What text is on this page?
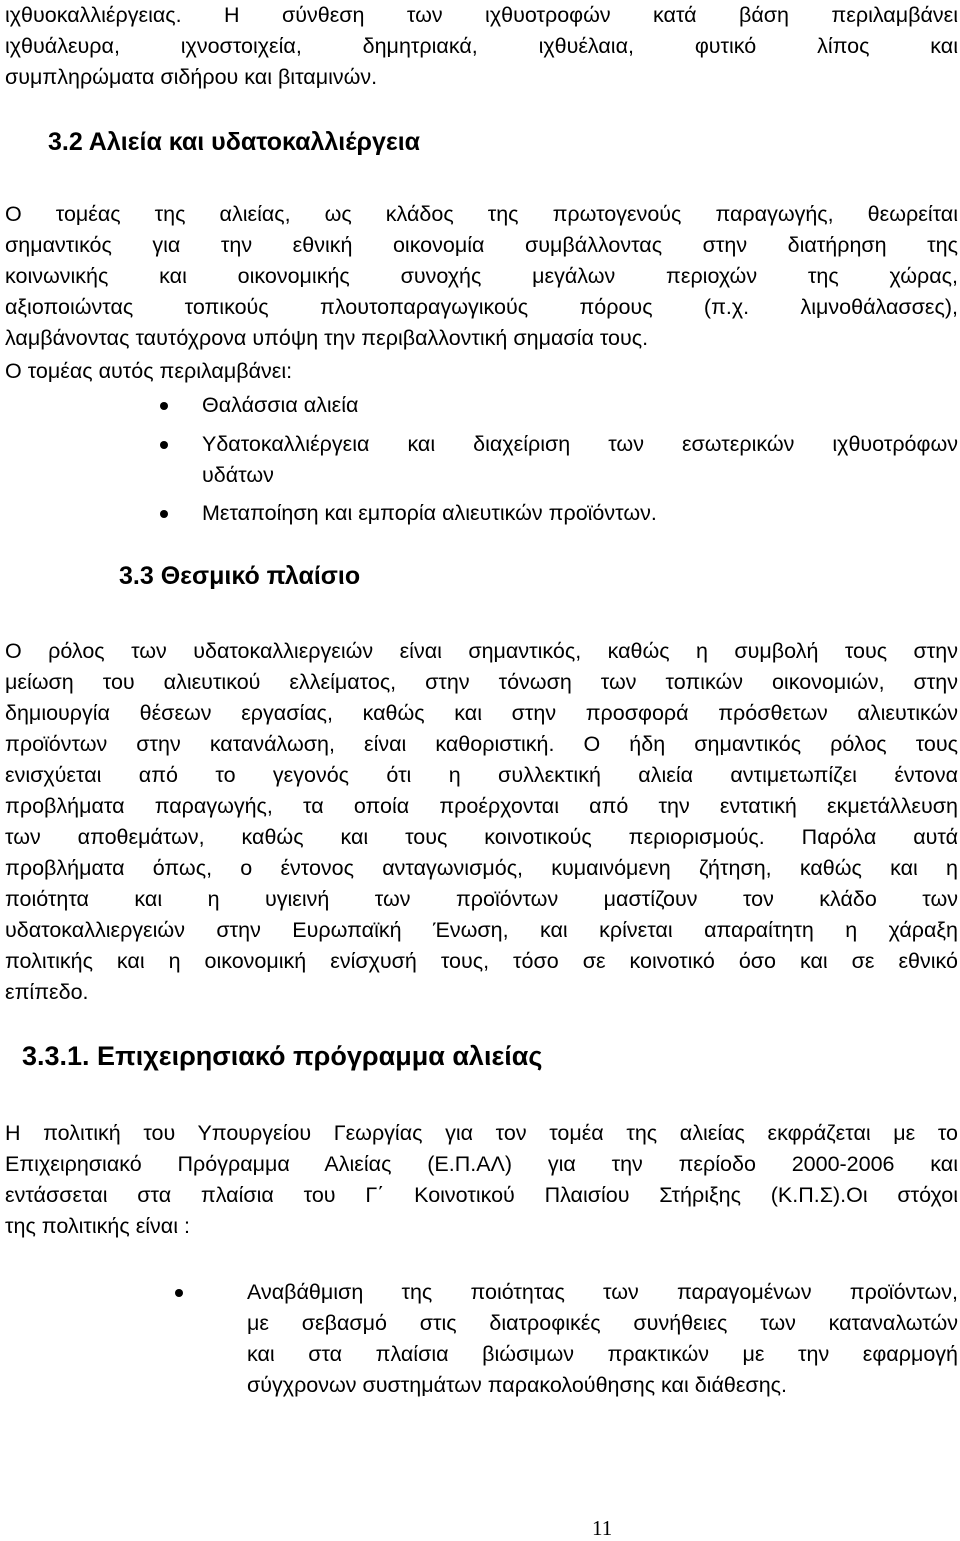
ιχθυοκαλλιέργειας. Η σύνθεση των ιχθυοτροφών κατά βάση περιλαμβάνει
ιχθυάλευρα, ιχνοστοιχεία, δημητριακά, ιχθυέλαια, φυτικό λίπος και
συμπληρώματα σιδήρου και βιταμινών.
3.2 Αλιεία και υδατοκαλλιέργεια
Ο τομέας της αλιείας, ως κλάδος της πρωτογενούς παραγωγής, θεωρείται
σημαντικός για την εθνική οικονομία συμβάλλοντας στην διατήρηση της
κοινωνικής και οικονομικής συνοχής μεγάλων περιοχών της χώρας,
αξιοποιώντας τοπικούς πλουτοπαραγωγικούς πόρους (π.χ. λιμνοθάλασσες),
λαμβάνοντας ταυτόχρονα υπόψη την περιβαλλοντική σημασία τους.
Ο τομέας αυτός περιλαμβάνει:
Θαλάσσια αλιεία
Υδατοκαλλιέργεια και διαχείριση των εσωτερικών ιχθυοτρόφων
υδάτων
Μεταποίηση και εμπορία αλιευτικών προϊόντων.
3.3 Θεσμικό πλαίσιο
Ο ρόλος των υδατοκαλλιεργειών είναι σημαντικός, καθώς η συμβολή τους στην
μείωση του αλιευτικού ελλείματος, στην τόνωση των τοπικών οικονομιών, στην
δημιουργία θέσεων εργασίας, καθώς και στην προσφορά πρόσθετων αλιευτικών
προϊόντων στην κατανάλωση, είναι καθοριστική. Ο ήδη σημαντικός ρόλος τους
ενισχύεται από το γεγονός ότι η συλλεκτική αλιεία αντιμετωπίζει έντονα
προβλήματα παραγωγής, τα οποία προέρχονται από την εντατική εκμετάλλευση
των αποθεμάτων, καθώς και τους κοινοτικούς περιορισμούς. Παρόλα αυτά
προβλήματα όπως, ο έντονος ανταγωνισμός, κυμαινόμενη ζήτηση, καθώς και η
ποιότητα και η υγιεινή των προϊόντων μαστίζουν τον κλάδο των
υδατοκαλλιεργειών στην Ευρωπαϊκή Ένωση, και κρίνεται απαραίτητη η χάραξη
πολιτικής και η οικονομική ενίσχυσή τους, τόσο σε κοινοτικό όσο και σε εθνικό
επίπεδο.
3.3.1. Επιχειρησιακό πρόγραμμα αλιείας
Η πολιτική του Υπουργείου Γεωργίας για τον τομέα της αλιείας εκφράζεται με το
Επιχειρησιακό Πρόγραμμα Αλιείας (Ε.Π.ΑΛ) για την περίοδο 2000-2006 και
εντάσσεται στα πλαίσια του Γ΄ Κοινοτικού Πλαισίου Στήριξης (Κ.Π.Σ).Οι στόχοι
της πολιτικής είναι :
Αναβάθμιση της ποιότητας των παραγομένων προϊόντων,
με σεβασμό στις διατροφικές συνήθειες των καταναλωτών
και στα πλαίσια βιώσιμων πρακτικών με την εφαρμογή
σύγχρονων συστημάτων παρακολούθησης και διάθεσης.
11
